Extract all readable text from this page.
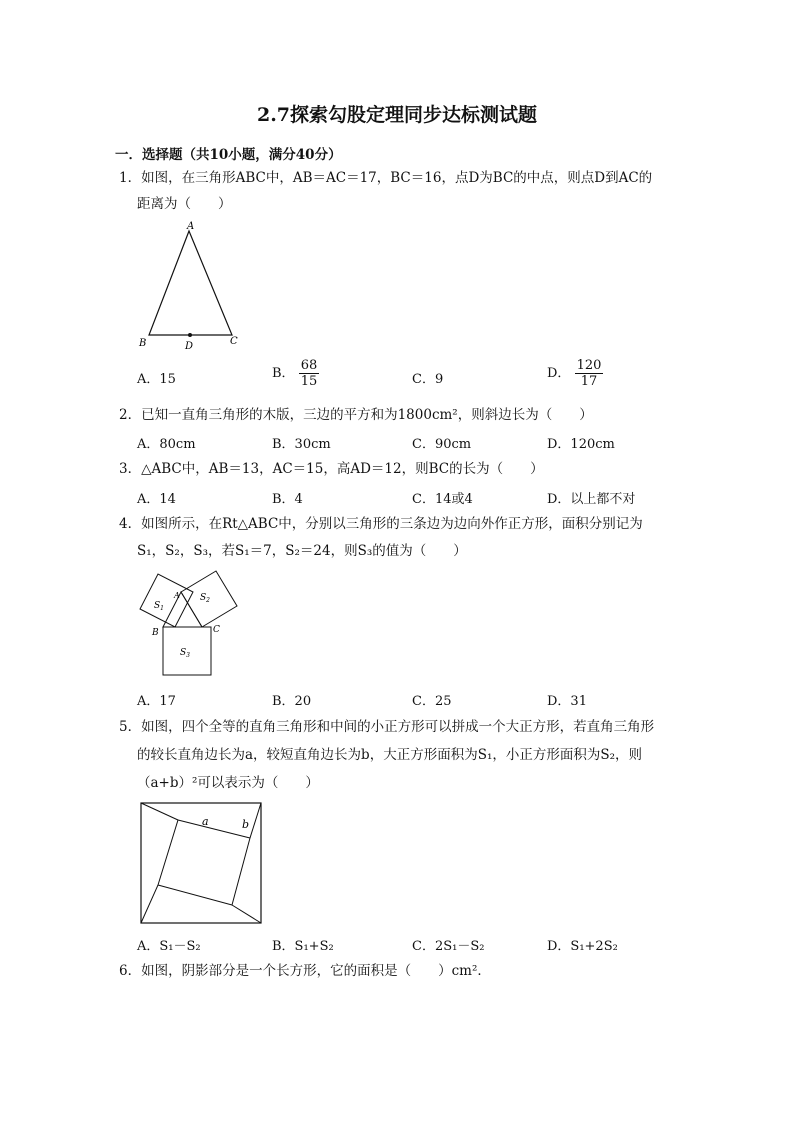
2.7探索勾股定理同步达标测试题
一．选择题（共10小题，满分40分）
1．如图，在三角形ABC中，AB＝AC＝17，BC＝16，点D为BC的中点，则点D到AC的
距离为（　　）
A
B	D	C
A．15	B． $\frac{68}{15}$	C．9	D． $\frac{120}{17}$
2．已知一直角三角形的木版，三边的平方和为1800cm²，则斜边长为（　　）
A．80cm	B．30cm	C．90cm	D．120cm
3．△ABC中，AB＝13，AC＝15，高AD＝12，则BC的长为（　　）
A．14	B．4	C．14或4	D．以上都不对
4．如图所示，在Rt△ABC中，分别以三角形的三条边为边向外作正方形，面积分别记为
S₁，S₂，S₃，若S₁＝7，S₂＝24，则S₃的值为（　　）
$S_1$
$S_2$
$S_3$
A
B	C
A．17	B．20	C．25	D．31
5．如图，四个全等的直角三角形和中间的小正方形可以拼成一个大正方形，若直角三角形
的较长直角边长为a，较短直角边长为b，大正方形面积为S₁，小正方形面积为S₂，则
（a+b）²可以表示为（　　）
a	b
A．S₁－S₂	B．S₁+S₂	C．2S₁－S₂	D．S₁+2S₂
6．如图，阴影部分是一个长方形，它的面积是（　　）cm²．
